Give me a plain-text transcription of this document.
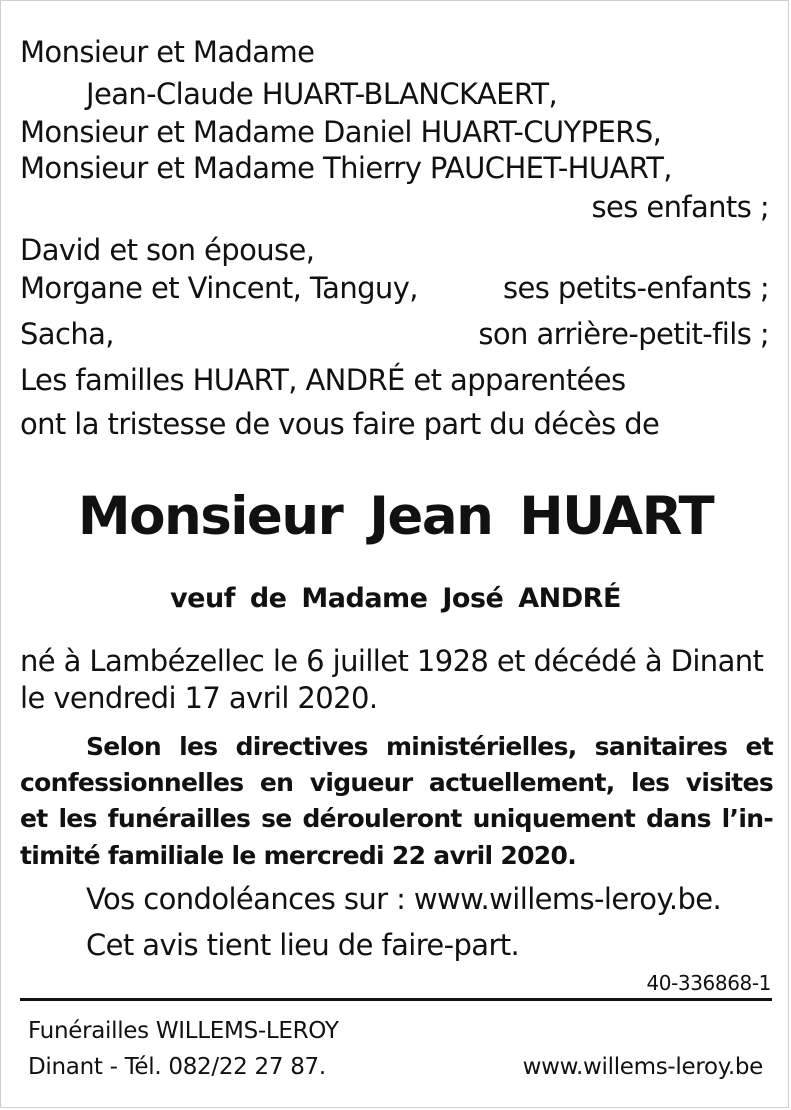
Monsieur et Madame
Jean-Claude HUART-BLANCKAERT,
Monsieur et Madame Daniel HUART-CUYPERS,
Monsieur et Madame Thierry PAUCHET-HUART,
ses enfants ;
David et son épouse,
Morgane et Vincent, Tanguy,	ses petits-enfants ;
Sacha,	son arrière-petit-fils ;
Les familles HUART, ANDRÉ et apparentées
ont la tristesse de vous faire part du décès de
Monsieur Jean HUART
veuf de Madame José ANDRÉ
né à Lambézellec le 6 juillet 1928 et décédé à Dinant
le vendredi 17 avril 2020.
Selon les directives ministérielles, sanitaires et
confessionnelles en vigueur actuellement, les visites
et les funérailles se dérouleront uniquement dans l’in-
timité familiale le mercredi 22 avril 2020.
Vos condoléances sur : www.willems-leroy.be.
Cet avis tient lieu de faire-part.
40-336868-1
Funérailles WILLEMS-LEROY
Dinant - Tél. 082/22 27 87.	www.willems-leroy.be
